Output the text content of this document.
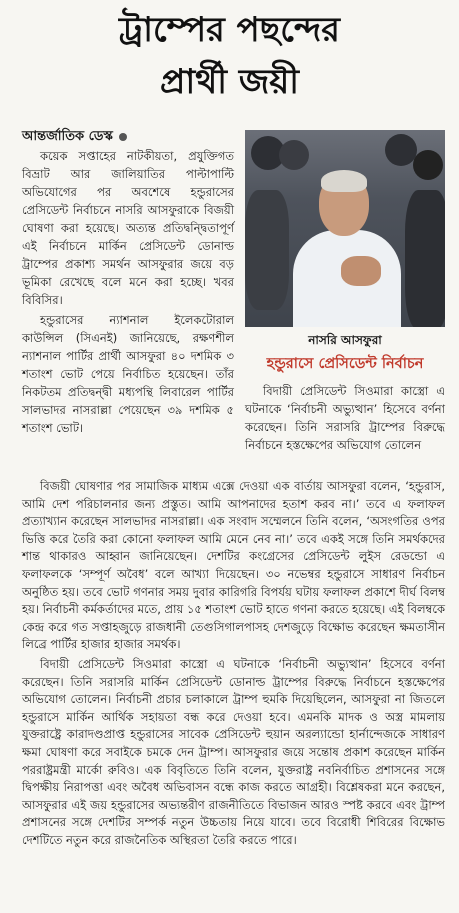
ট্রাম্পের পছন্দের
প্রার্থী জয়ী
আন্তর্জাতিক ডেস্ক

কয়েক সপ্তাহের নাটকীয়তা, প্রযুক্তিগত বিভ্রাট আর জালিয়াতির পাল্টাপাল্টি অভিযোগের পর অবশেষে হন্ডুরাসের প্রেসিডেন্ট নির্বাচনে নাসরি আসফুরাকে বিজয়ী ঘোষণা করা হয়েছে। অত্যন্ত প্রতিদ্বন্দ্বিতাপূর্ণ এই নির্বাচনে মার্কিন প্রেসিডেন্ট ডোনাল্ড ট্রাম্পের প্রকাশ্য সমর্থন আসফুরার জয়ে বড় ভূমিকা রেখেছে বলে মনে করা হচ্ছে। খবর বিবিসির।

হন্ডুরাসের ন্যাশনাল ইলেকটোরাল কাউন্সিল (সিএনই) জানিয়েছে, রক্ষণশীল ন্যাশনাল পার্টির প্রার্থী আসফুরা ৪০ দশমিক ৩ শতাংশ ভোট পেয়ে নির্বাচিত হয়েছেন। তাঁর নিকটতম প্রতিদ্বন্দ্বী মধ্যপন্থি লিবারেল পার্টির সালভাদর নাসরাল্লা পেয়েছেন ৩৯ দশমিক ৫ শতাংশ ভোট।

নাসরি আসফুরা
হন্ডুরাসে প্রেসিডেন্ট নির্বাচন

বিদায়ী প্রেসিডেন্ট সিওমারা কাস্ত্রো এ ঘটনাকে ‘নির্বাচনী অভ্যুত্থান’ হিসেবে বর্ণনা করেছেন। তিনি সরাসরি ট্রাম্পের বিরুদ্ধে নির্বাচনে হস্তক্ষেপের অভিযোগ তোলেন

বিজয়ী ঘোষণার পর সামাজিক মাধ্যম এক্সে দেওয়া এক বার্তায় আসফুরা বলেন, ‘হন্ডুরাস, আমি দেশ পরিচালনার জন্য প্রস্তুত। আমি আপনাদের হতাশ করব না।’ তবে এ ফলাফল প্রত্যাখ্যান করেছেন সালভাদর নাসরাল্লা। এক সংবাদ সম্মেলনে তিনি বলেন, ‘অসংগতির ওপর ভিত্তি করে তৈরি করা কোনো ফলাফল আমি মেনে নেব না।’ তবে একই সঙ্গে তিনি সমর্থকদের শান্ত থাকারও আহ্বান জানিয়েছেন। দেশটির কংগ্রেসের প্রেসিডেন্ট লুইস রেডন্ডো এ ফলাফলকে ‘সম্পূর্ণ অবৈধ’ বলে আখ্যা দিয়েছেন। ৩০ নভেম্বর হন্ডুরাসে সাধারণ নির্বাচন অনুষ্ঠিত হয়। তবে ভোট গণনার সময় দুবার কারিগরি বিপর্যয় ঘটায় ফলাফল প্রকাশে দীর্ঘ বিলম্ব হয়। নির্বাচনী কর্মকর্তাদের মতে, প্রায় ১৫ শতাংশ ভোট হাতে গণনা করতে হয়েছে। এই বিলম্বকে কেন্দ্র করে গত সপ্তাহজুড়ে রাজধানী তেগুসিগালপাসহ দেশজুড়ে বিক্ষোভ করেছেন ক্ষমতাসীন লিব্রে পার্টির হাজার হাজার সমর্থক।

বিদায়ী প্রেসিডেন্ট সিওমারা কাস্ত্রো এ ঘটনাকে ‘নির্বাচনী অভ্যুত্থান’ হিসেবে বর্ণনা করেছেন। তিনি সরাসরি মার্কিন প্রেসিডেন্ট ডোনাল্ড ট্রাম্পের বিরুদ্ধে নির্বাচনে হস্তক্ষেপের অভিযোগ তোলেন। নির্বাচনী প্রচার চলাকালে ট্রাম্প হুমকি দিয়েছিলেন, আসফুরা না জিতলে হন্ডুরাসে মার্কিন আর্থিক সহায়তা বন্ধ করে দেওয়া হবে। এমনকি মাদক ও অস্ত্র মামলায় যুক্তরাষ্ট্রে কারাদণ্ডপ্রাপ্ত হন্ডুরাসের সাবেক প্রেসিডেন্ট হুয়ান অরল্যান্ডো হার্নান্দেজকে সাধারণ ক্ষমা ঘোষণা করে সবাইকে চমকে দেন ট্রাম্প। আসফুরার জয়ে সন্তোষ প্রকাশ করেছেন মার্কিন পররাষ্ট্রমন্ত্রী মার্কো রুবিও। এক বিবৃতিতে তিনি বলেন, যুক্তরাষ্ট্র নবনির্বাচিত প্রশাসনের সঙ্গে দ্বিপক্ষীয় নিরাপত্তা এবং অবৈধ অভিবাসন বন্ধে কাজ করতে আগ্রহী। বিশ্লেষকরা মনে করছেন, আসফুরার এই জয় হন্ডুরাসের অভ্যন্তরীণ রাজনীতিতে বিভাজন আরও স্পষ্ট করবে এবং ট্রাম্প প্রশাসনের সঙ্গে দেশটির সম্পর্ক নতুন উচ্চতায় নিয়ে যাবে। তবে বিরোধী শিবিরের বিক্ষোভ দেশটিতে নতুন করে রাজনৈতিক অস্থিরতা তৈরি করতে পারে।
